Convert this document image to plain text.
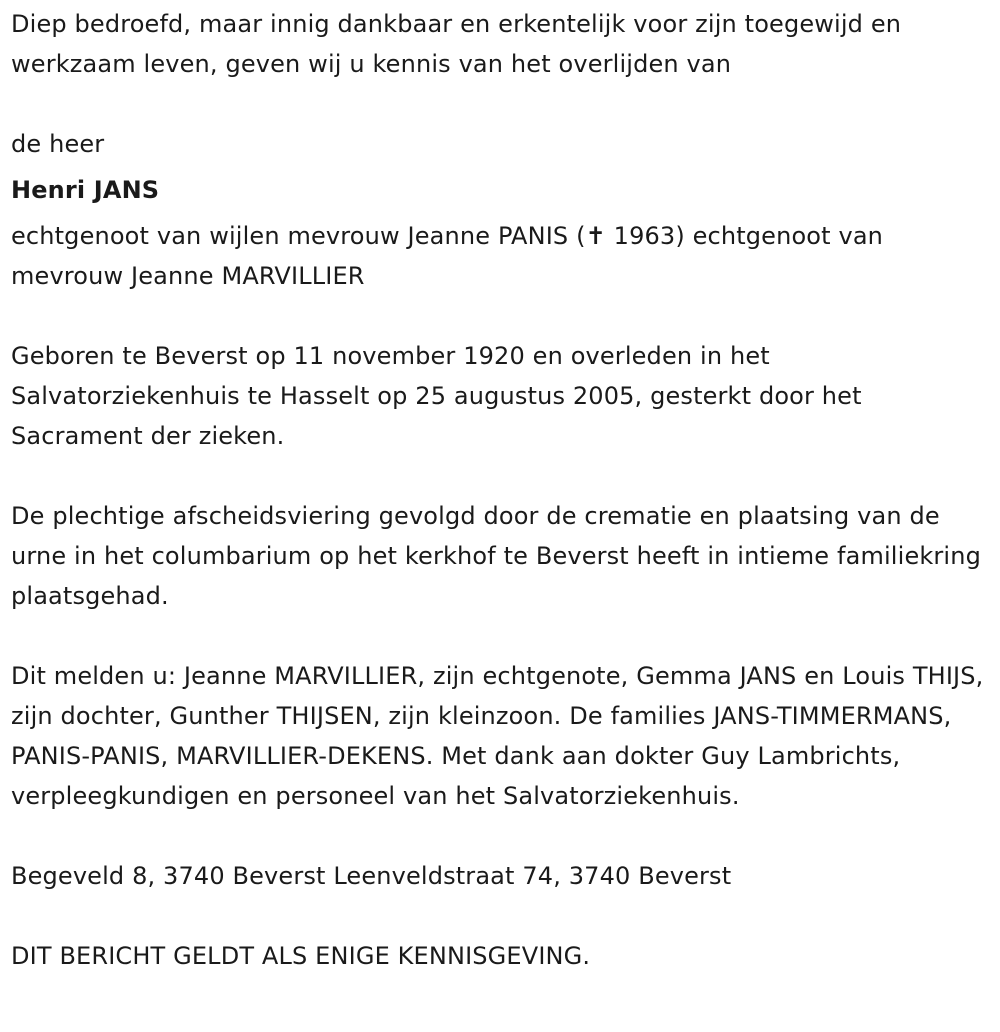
Diep bedroefd, maar innig dankbaar en erkentelijk voor zijn toegewijd en werkzaam leven, geven wij u kennis van het overlijden van

de heer

Henri JANS

echtgenoot van wijlen mevrouw Jeanne PANIS (✝ 1963) echtgenoot van mevrouw Jeanne MARVILLIER

Geboren te Beverst op 11 november 1920 en overleden in het Salvatorziekenhuis te Hasselt op 25 augustus 2005, gesterkt door het Sacrament der zieken.

De plechtige afscheidsviering gevolgd door de crematie en plaatsing van de urne in het columbarium op het kerkhof te Beverst heeft in intieme familiekring plaatsgehad.

Dit melden u: Jeanne MARVILLIER, zijn echtgenote, Gemma JANS en Louis THIJS, zijn dochter, Gunther THIJSEN, zijn kleinzoon. De families JANS-TIMMERMANS, PANIS-PANIS, MARVILLIER-DEKENS. Met dank aan dokter Guy Lambrichts, verpleegkundigen en personeel van het Salvatorziekenhuis.

Begeveld 8, 3740 Beverst Leenveldstraat 74, 3740 Beverst

DIT BERICHT GELDT ALS ENIGE KENNISGEVING.
